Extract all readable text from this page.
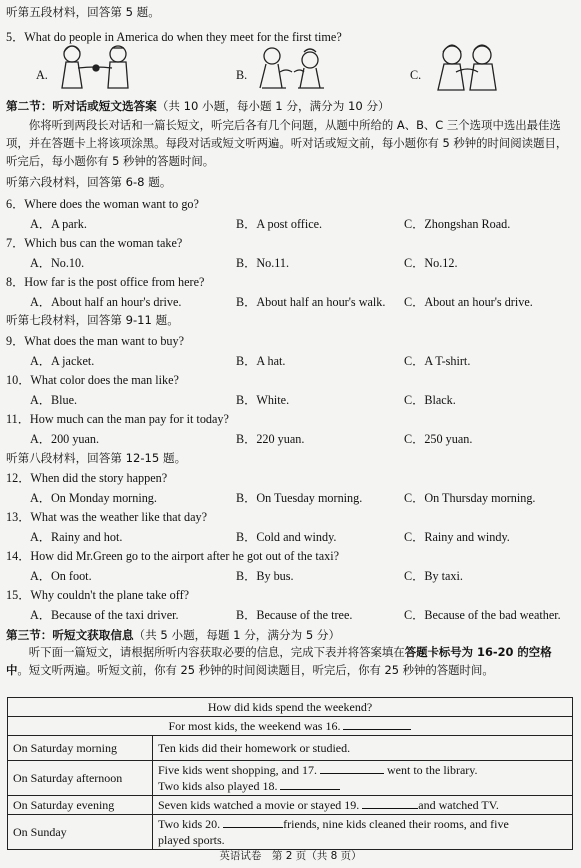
听第五段材料，回答第 5 题。
5．What do people in America do when they meet for the first time?
A.	B.	C.
第二节：听对话或短文选答案（共 10 小题，每小题 1 分，满分为 10 分）
你将听到两段长对话和一篇长短文，听完后各有几个问题，从题中所给的 A、B、C 三个选项中选出最佳选项，并在答题卡上将该项涂黑。每段对话或短文听两遍。听对话或短文前，每小题你有 5 秒钟的时间阅读题目，听完后，每小题你有 5 秒钟的答题时间。
听第六段材料，回答第 6-8 题。
6．Where does the woman want to go?
A．A park.	B．A post office.	C．Zhongshan Road.
7．Which bus can the woman take?
A．No.10.	B．No.11.	C．No.12.
8．How far is the post office from here?
A．About half an hour's drive.	B．About half an hour's walk. C．About an hour's drive.
听第七段材料，回答第 9-11 题。
9．What does the man want to buy?
A．A jacket.	B．A hat.	C．A T-shirt.
10．What color does the man like?
A．Blue.	B．White.	C．Black.
11．How much can the man pay for it today?
A．200 yuan.	B．220 yuan.	C．250 yuan.
听第八段材料，回答第 12-15 题。
12．When did the story happen?
A．On Monday morning.	B．On Tuesday morning.	C．On Thursday morning.
13．What was the weather like that day?
A．Rainy and hot.	B．Cold and windy.	C．Rainy and windy.
14．How did Mr.Green go to the airport after he got out of the taxi?
A．On foot.	B．By bus.	C．By taxi.
15．Why couldn't the plane take off?
A．Because of the taxi driver.	B．Because of the tree.	C．Because of the bad weather.
第三节：听短文获取信息（共 5 小题，每题 1 分，满分为 5 分）
听下面一篇短文，请根据所听内容获取必要的信息，完成下表并将答案填在答题卡标号为 16-20 的空格中。短文听两遍。听短文前，你有 25 秒钟的时间阅读题目，听完后，你有 25 秒钟的答题时间。
How did kids spend the weekend?	
For most kids, the weekend was 16.	
On Saturday morning	Ten kids did their homework or studied.
On Saturday afternoon	Five kids went shopping, and 17. went to the library.
Two kids also played 18.
On Saturday evening	Seven kids watched a movie or stayed 19. and watched TV.
On Sunday	Two kids 20. friends, nine kids cleaned their rooms, and five
played sports.
英语试卷　第 2 页（共 8 页）
